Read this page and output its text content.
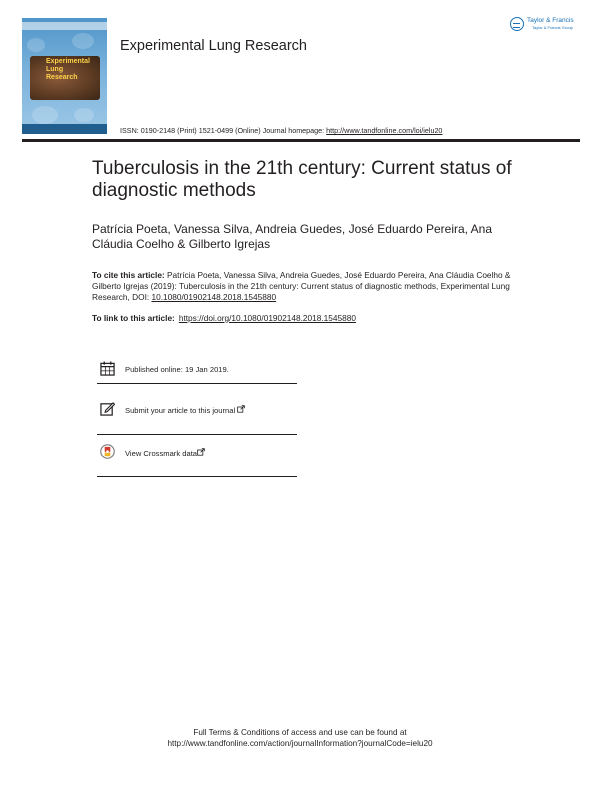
Experimental
Lung
Research
Experimental Lung Research
ISSN: 0190-2148 (Print) 1521-0499 (Online) Journal homepage: http://www.tandfonline.com/loi/ielu20
Taylor & Francis
Taylor & Francis Group
Tuberculosis in the 21th century: Current status of diagnostic methods
Patrícia Poeta, Vanessa Silva, Andreia Guedes, José Eduardo Pereira, Ana Cláudia Coelho & Gilberto Igrejas
To cite this article: Patrícia Poeta, Vanessa Silva, Andreia Guedes, José Eduardo Pereira, Ana Cláudia Coelho & Gilberto Igrejas (2019): Tuberculosis in the 21th century: Current status of diagnostic methods, Experimental Lung Research, DOI: 10.1080/01902148.2018.1545880
To link to this article: https://doi.org/10.1080/01902148.2018.1545880
Published online: 19 Jan 2019.
Submit your article to this journal
View Crossmark data
Full Terms & Conditions of access and use can be found at
http://www.tandfonline.com/action/journalInformation?journalCode=ielu20
